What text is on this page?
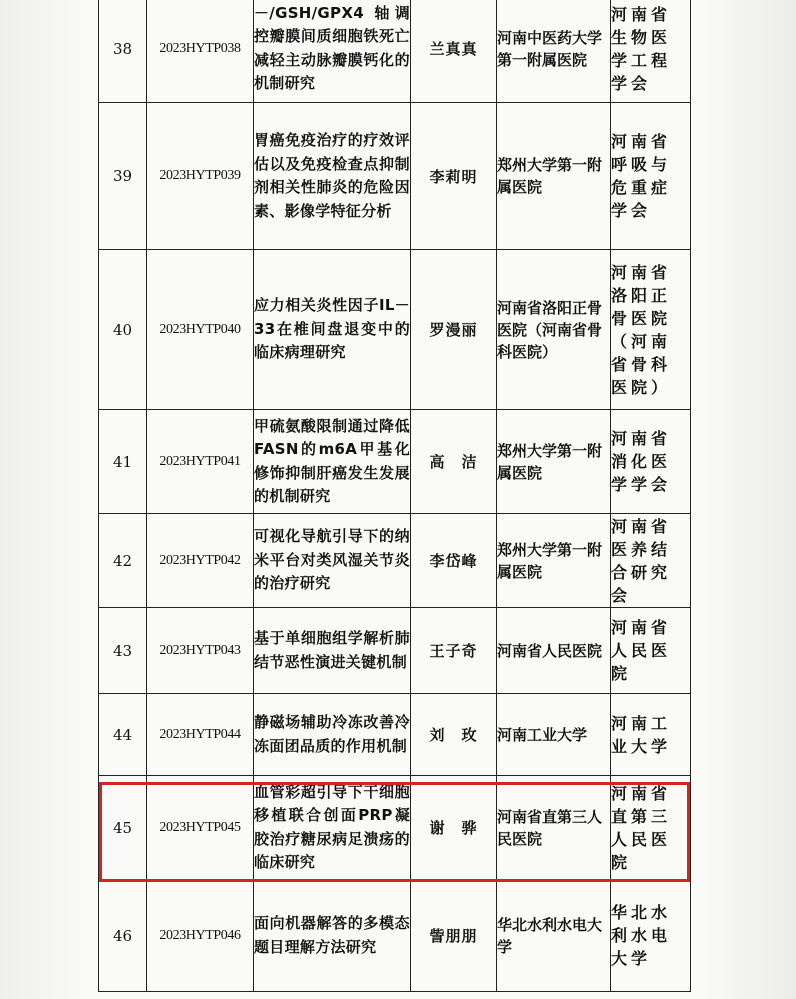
38	2023HYTP038	－/GSH/GPX4 轴调控瓣膜间质细胞铁死亡减轻主动脉瓣膜钙化的机制研究	兰真真	河南中医药大学第一附属医院	河南省生物医学工程学会

39	2023HYTP039	胃癌免疫治疗的疗效评估以及免疫检查点抑制剂相关性肺炎的危险因素、影像学特征分析	李莉明	郑州大学第一附属医院	河南省呼吸与危重症学会

40	2023HYTP040	应力相关炎性因子IL－33在椎间盘退变中的临床病理研究	罗漫丽	河南省洛阳正骨医院（河南省骨科医院）	河南省洛阳正骨医院（河南省骨科医院）

41	2023HYTP041	甲硫氨酸限制通过降低FASN的m6A甲基化修饰抑制肝癌发生发展的机制研究	高　洁	郑州大学第一附属医院	河南省消化医学学会

42	2023HYTP042	可视化导航引导下的纳米平台对类风湿关节炎的治疗研究	李岱峰	郑州大学第一附属医院	河南省医养结合研究会

43	2023HYTP043	基于单细胞组学解析肺结节恶性演进关键机制	王子奇	河南省人民医院	河南省人民医院

44	2023HYTP044	静磁场辅助冷冻改善冷冻面团品质的作用机制	刘　玫	河南工业大学	河南工业大学

45	2023HYTP045	血管彩超引导下干细胞移植联合创面PRP凝胶治疗糖尿病足溃疡的临床研究	谢　骅	河南省直第三人民医院	河南省直第三人民医院

46	2023HYTP046	面向机器解答的多模态题目理解方法研究	訾朋朋	华北水利水电大学	华北水利水电大学
